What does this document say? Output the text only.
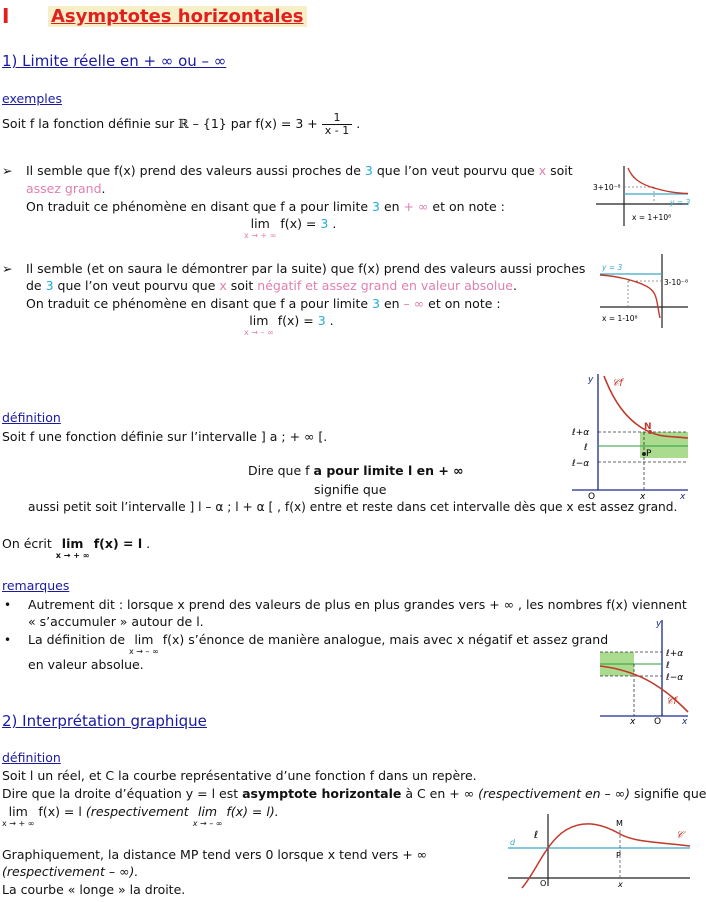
I Asymptotes horizontales
1) Limite réelle en + ∞ ou – ∞
exemples
Soit f la fonction définie sur ℝ – {1} par $f(x) = 3 + \frac{1}{x - 1}$ .
➢ Il semble que f(x) prend des valeurs aussi proches de 3 que l’on veut pourvu que x soit
assez grand.
On traduit ce phénomène en disant que f a pour limite 3 en + ∞ et on note :
lim
x → + ∞
f(x) = 3 .
➢ Il semble (et on saura le démontrer par la suite) que f(x) prend des valeurs aussi proches
de 3 que l’on veut pourvu que x soit négatif et assez grand en valeur absolue.
On traduit ce phénomène en disant que f a pour limite 3 en – ∞ et on note :
lim
x → – ∞
f(x) = 3 .
définition
Soit f une fonction définie sur l’intervalle ] a ; + ∞ [.
Dire que f a pour limite l en + ∞
signifie que
aussi petit soit l’intervalle ] l – α ; l + α [ , f(x) entre et reste dans cet intervalle dès que x est assez grand.
On écrit lim
x → + ∞
f(x) = l .
remarques
• Autrement dit : lorsque x prend des valeurs de plus en plus grandes vers + ∞ , les nombres f(x) viennent
« s’accumuler » autour de l.
• La définition de lim
x → – ∞
f(x) s’énonce de manière analogue, mais avec x négatif et assez grand
en valeur absolue.
2) Interprétation graphique
définition
Soit l un réel, et C la courbe représentative d’une fonction f dans un repère.
Dire que la droite d’équation y = l est asymptote horizontale à C en + ∞ (respectivement en – ∞) signifie que
lim
x → + ∞
f(x) = l (respectivement lim
x → – ∞
f(x) = l).
Graphiquement, la distance MP tend vers 0 lorsque x tend vers + ∞
(respectivement – ∞).
La courbe « longe » la droite.
3+10⁻⁸
y = 3
x = 1+10⁸
y = 3
3-10⁻⁸
x = 1-10⁸
y 𝒞f
N
P
ℓ+α
ℓ
ℓ−α
O	x	x
y
ℓ+α
ℓ
ℓ−α
𝒞f
x O x
d
ℓ
M
P
O	x
𝒞
